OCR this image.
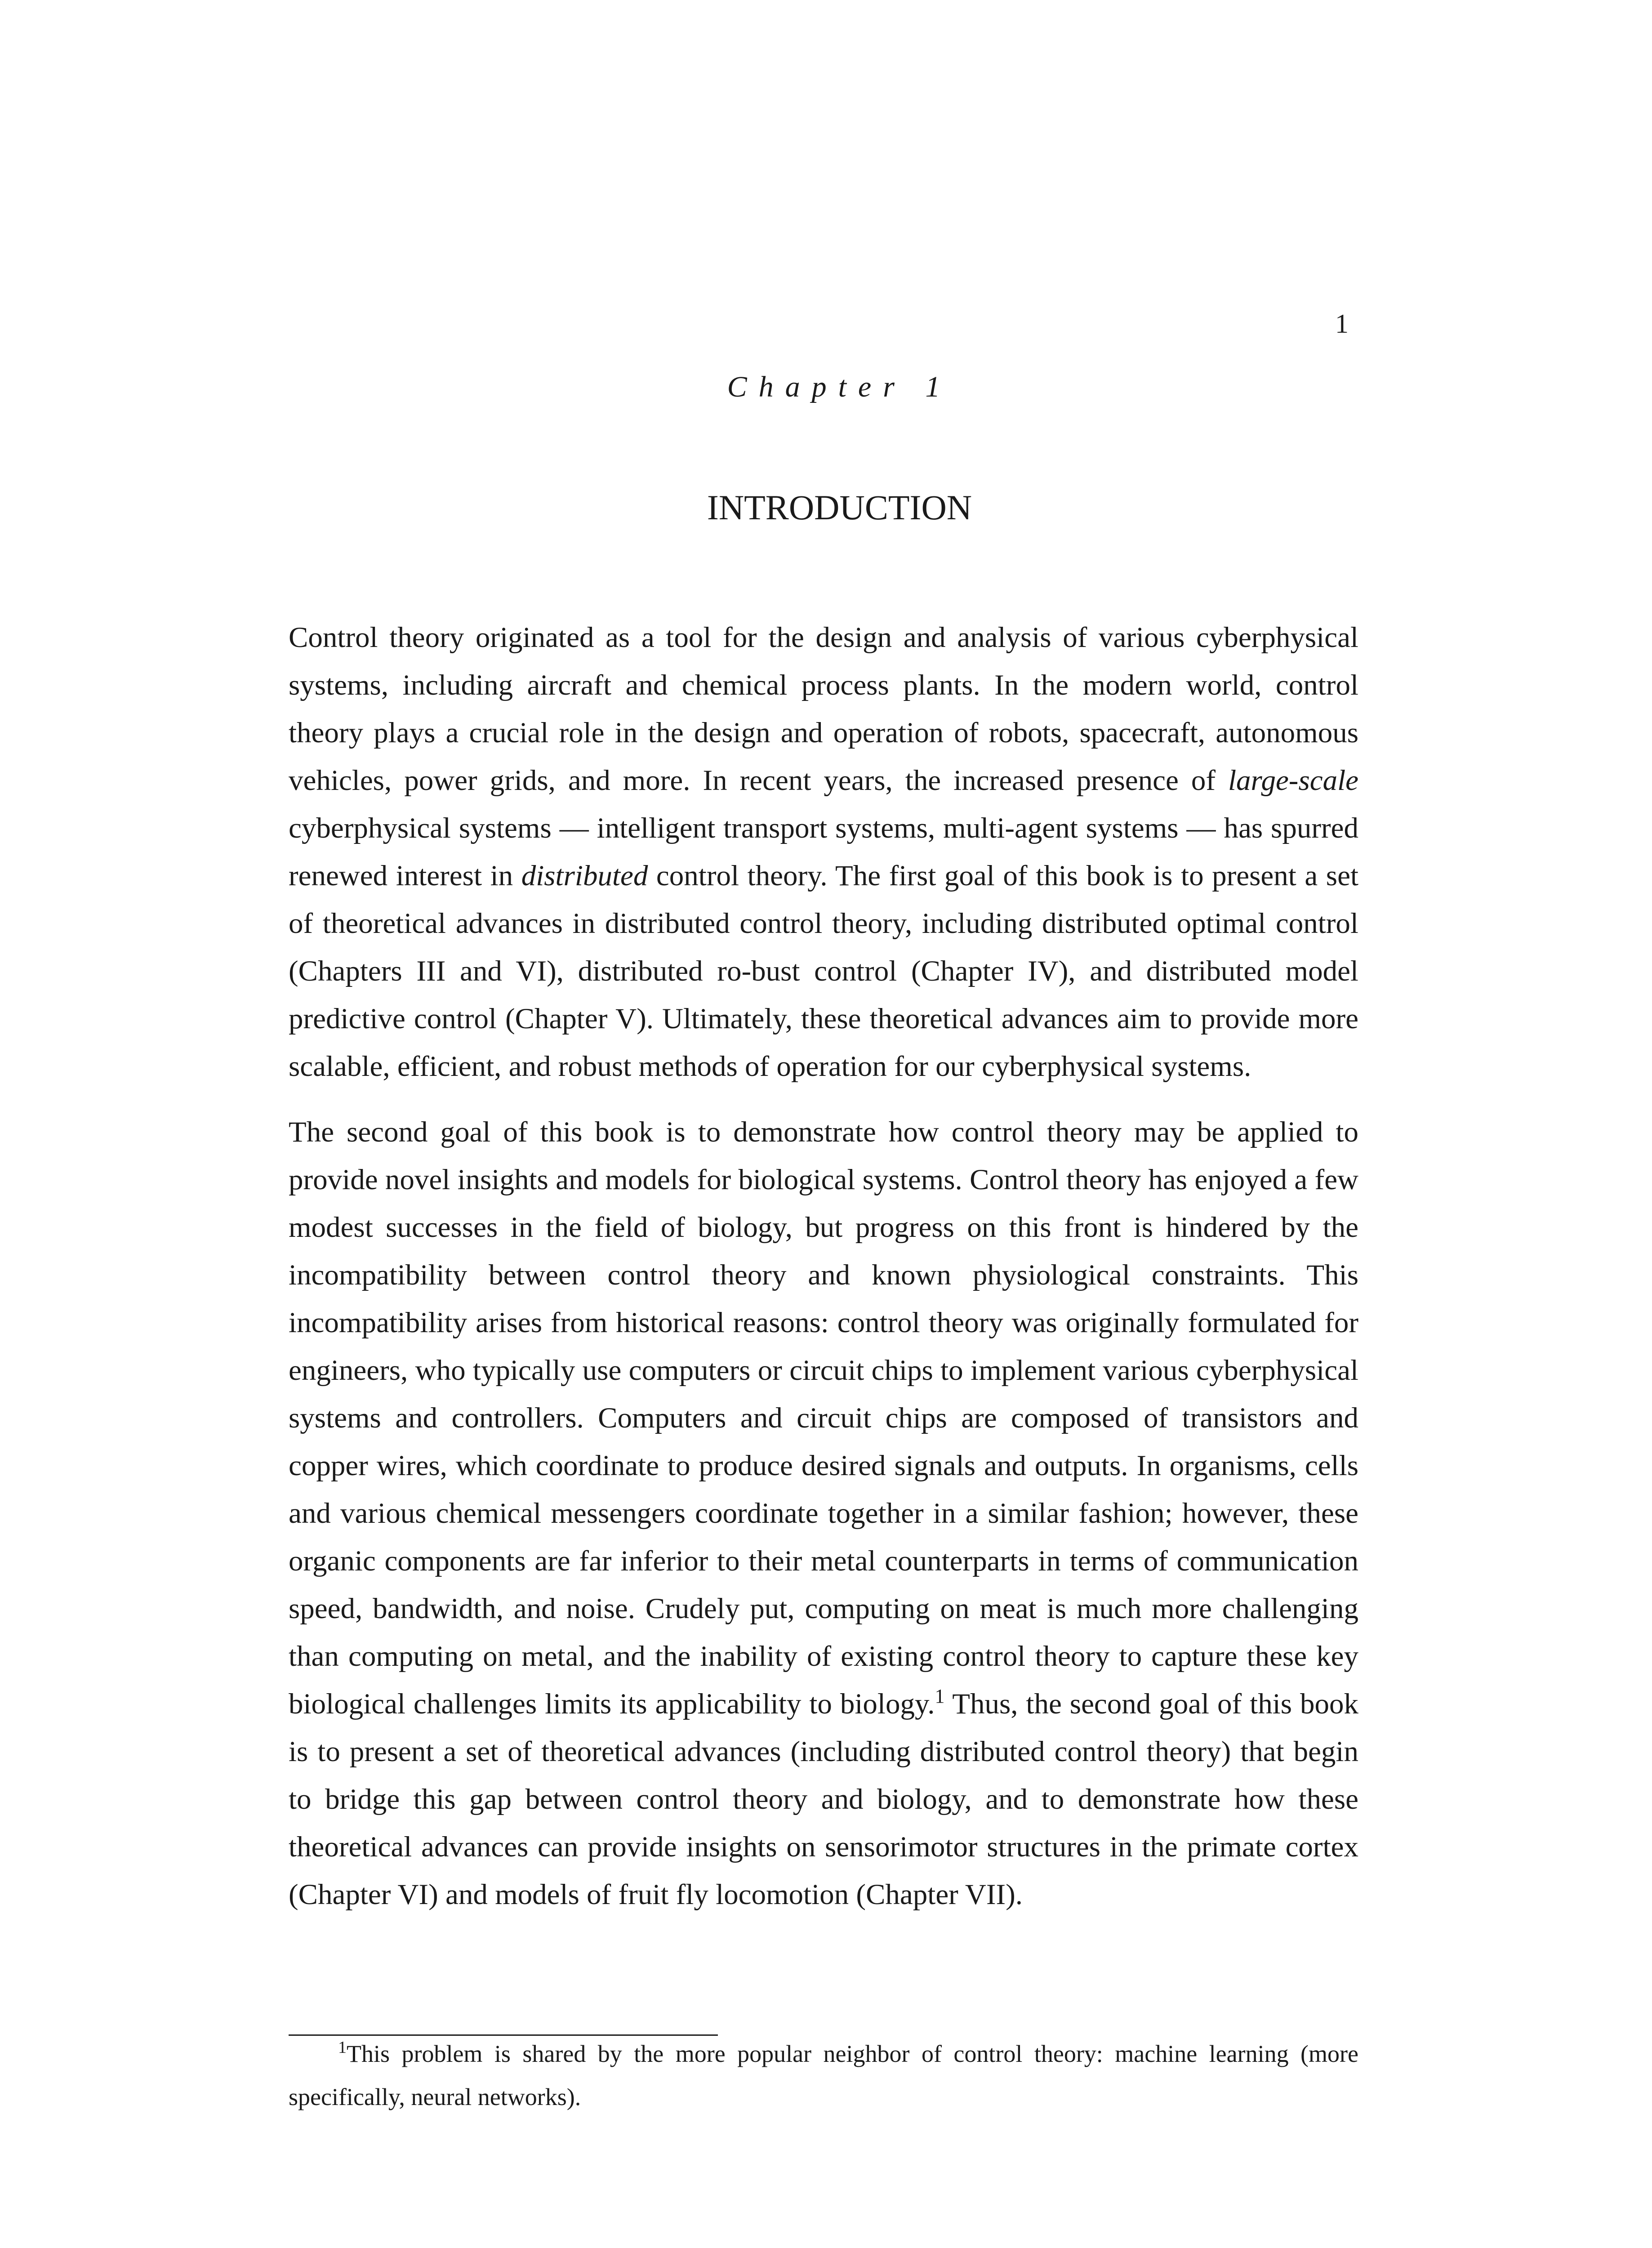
1
Chapter 1
INTRODUCTION

Control theory originated as a tool for the design and analysis of various cyberphysical systems, including aircraft and chemical process plants. In the modern world, control theory plays a crucial role in the design and operation of robots, spacecraft, autonomous vehicles, power grids, and more. In recent years, the increased presence of large-scale cyberphysical systems — intelligent transport systems, multi-agent systems — has spurred renewed interest in distributed control theory. The first goal of this book is to present a set of theoretical advances in distributed control theory, including distributed optimal control (Chapters III and VI), distributed ro-bust control (Chapter IV), and distributed model predictive control (Chapter V). Ultimately, these theoretical advances aim to provide more scalable, efficient, and robust methods of operation for our cyberphysical systems.

The second goal of this book is to demonstrate how control theory may be applied to provide novel insights and models for biological systems. Control theory has enjoyed a few modest successes in the field of biology, but progress on this front is hindered by the incompatibility between control theory and known physiological constraints. This incompatibility arises from historical reasons: control theory was originally formulated for engineers, who typically use computers or circuit chips to implement various cyberphysical systems and controllers. Computers and circuit chips are composed of transistors and copper wires, which coordinate to produce desired signals and outputs. In organisms, cells and various chemical messengers coordinate together in a similar fashion; however, these organic components are far inferior to their metal counterparts in terms of communication speed, bandwidth, and noise. Crudely put, computing on meat is much more challenging than computing on metal, and the inability of existing control theory to capture these key biological challenges limits its applicability to biology.$^1$ Thus, the second goal of this book is to present a set of theoretical advances (including distributed control theory) that begin to bridge this gap between control theory and biology, and to demonstrate how these theoretical advances can provide insights on sensorimotor structures in the primate cortex (Chapter VI) and models of fruit fly locomotion (Chapter VII).

$^1$This problem is shared by the more popular neighbor of control theory: machine learning (more specifically, neural networks).
